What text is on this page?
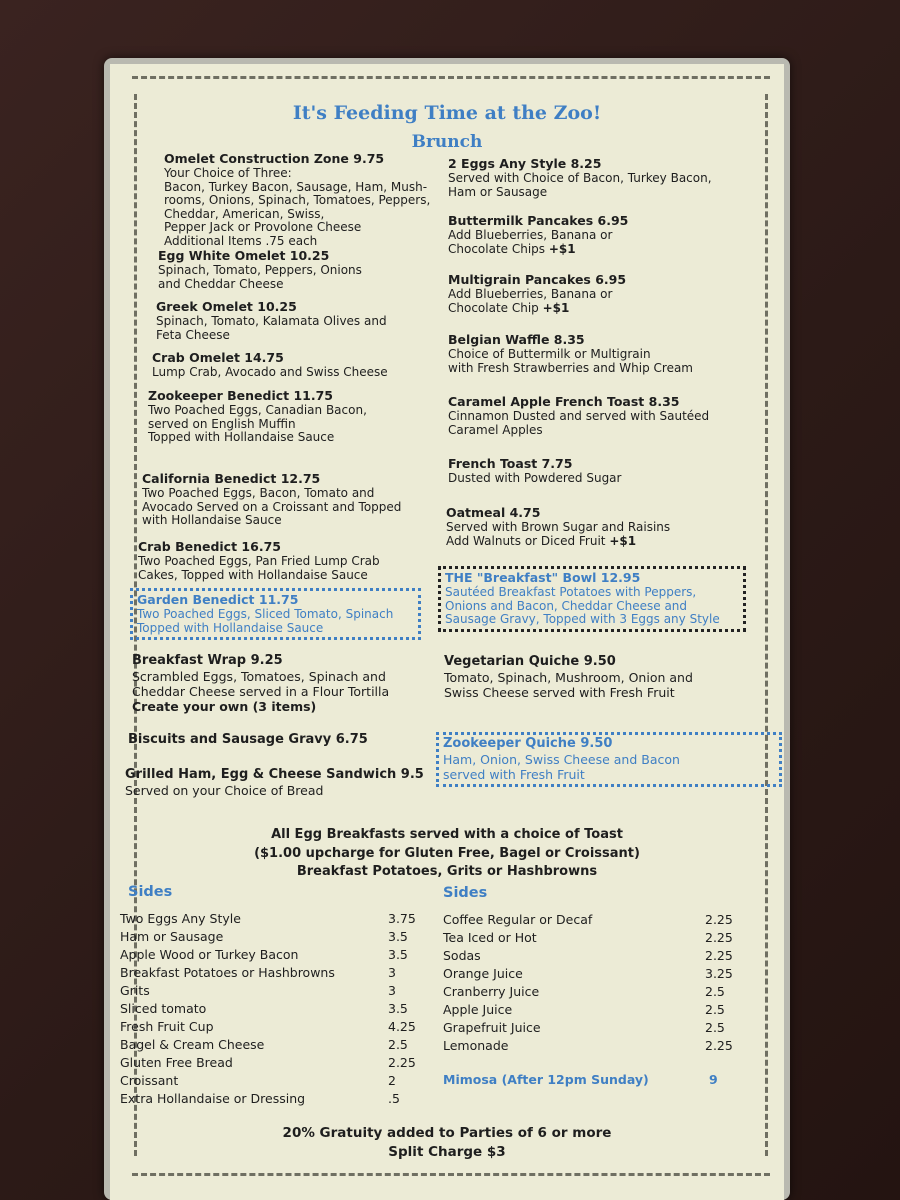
It's Feeding Time at the Zoo!
Brunch
Omelet Construction Zone 9.75
Your Choice of Three:
Bacon, Turkey Bacon, Sausage, Ham, Mush-
rooms, Onions, Spinach, Tomatoes, Peppers,
Cheddar, American, Swiss,
Pepper Jack or Provolone Cheese
Additional Items .75 each
Egg White Omelet 10.25
Spinach, Tomato, Peppers, Onions
and Cheddar Cheese
Greek Omelet 10.25
Spinach, Tomato, Kalamata Olives and
Feta Cheese
Crab Omelet 14.75
Lump Crab, Avocado and Swiss Cheese
Zookeeper Benedict 11.75
Two Poached Eggs, Canadian Bacon,
served on English Muffin
Topped with Hollandaise Sauce
California Benedict 12.75
Two Poached Eggs, Bacon, Tomato and
Avocado Served on a Croissant and Topped
with Hollandaise Sauce
Crab Benedict 16.75
Two Poached Eggs, Pan Fried Lump Crab
Cakes, Topped with Hollandaise Sauce
Garden Benedict 11.75
Two Poached Eggs, Sliced Tomato, Spinach
Topped with Hollandaise Sauce
Breakfast Wrap 9.25
Scrambled Eggs, Tomatoes, Spinach and
Cheddar Cheese served in a Flour Tortilla
Create your own (3 items)
Biscuits and Sausage Gravy 6.75
Grilled Ham, Egg & Cheese Sandwich 9.5
Served on your Choice of Bread
2 Eggs Any Style 8.25
Served with Choice of Bacon, Turkey Bacon,
Ham or Sausage
Buttermilk Pancakes 6.95
Add Blueberries, Banana or
Chocolate Chips +$1
Multigrain Pancakes 6.95
Add Blueberries, Banana or
Chocolate Chip +$1
Belgian Waffle 8.35
Choice of Buttermilk or Multigrain
with Fresh Strawberries and Whip Cream
Caramel Apple French Toast 8.35
Cinnamon Dusted and served with Sautéed
Caramel Apples
French Toast 7.75
Dusted with Powdered Sugar
Oatmeal 4.75
Served with Brown Sugar and Raisins
Add Walnuts or Diced Fruit +$1
THE "Breakfast" Bowl 12.95
Sautéed Breakfast Potatoes with Peppers,
Onions and Bacon, Cheddar Cheese and
Sausage Gravy, Topped with 3 Eggs any Style
Vegetarian Quiche 9.50
Tomato, Spinach, Mushroom, Onion and
Swiss Cheese served with Fresh Fruit
Zookeeper Quiche 9.50
Ham, Onion, Swiss Cheese and Bacon
served with Fresh Fruit
All Egg Breakfasts served with a choice of Toast
($1.00 upcharge for Gluten Free, Bagel or Croissant)
Breakfast Potatoes, Grits or Hashbrowns
Sides
Two Eggs Any Style	3.75
Ham or Sausage	3.5
Apple Wood or Turkey Bacon	3.5
Breakfast Potatoes or Hashbrowns	3
Grits	3
Sliced tomato	3.5
Fresh Fruit Cup	4.25
Bagel & Cream Cheese	2.5
Gluten Free Bread	2.25
Croissant	2
Extra Hollandaise or Dressing	.5
Sides
Coffee Regular or Decaf	2.25
Tea Iced or Hot	2.25
Sodas	2.25
Orange Juice	3.25
Cranberry Juice	2.5
Apple Juice	2.5
Grapefruit Juice	2.5
Lemonade	2.25
Mimosa (After 12pm Sunday)	9
20% Gratuity added to Parties of 6 or more
Split Charge $3
